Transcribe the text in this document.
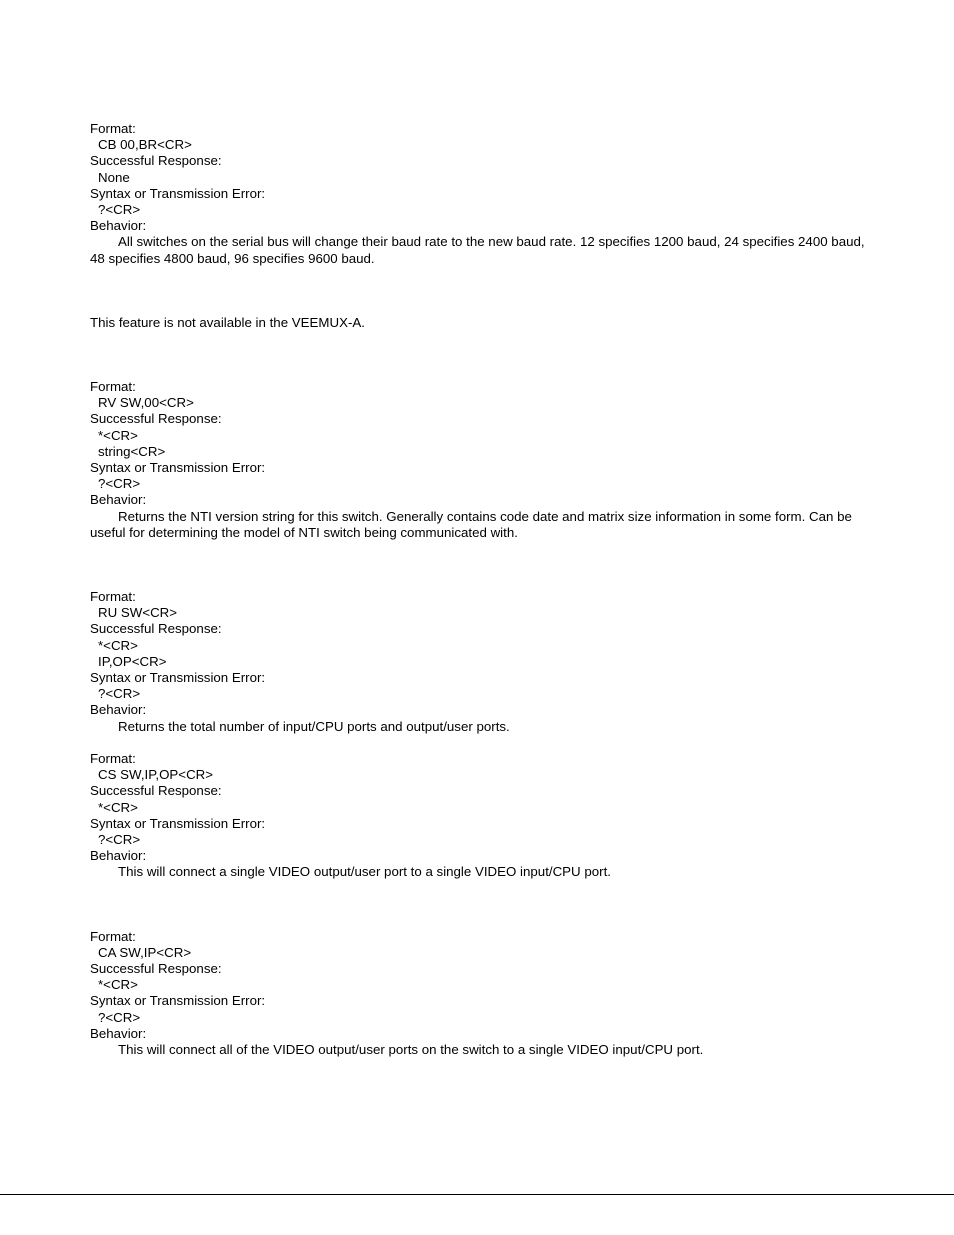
Format:
CB 00,BR<CR>
Successful Response:
None
Syntax or Transmission Error:
?<CR>
Behavior:
All switches on the serial bus will change their baud rate to the new baud rate. 12 specifies 1200 baud, 24 specifies 2400 baud, 48 specifies 4800 baud, 96 specifies 9600 baud.
This feature is not available in the VEEMUX-A.
Format:
RV SW,00<CR>
Successful Response:
*<CR>
string<CR>
Syntax or Transmission Error:
?<CR>
Behavior:
Returns the NTI version string for this switch. Generally contains code date and matrix size information in some form. Can be useful for determining the model of NTI switch being communicated with.
Format:
RU SW<CR>
Successful Response:
*<CR>
IP,OP<CR>
Syntax or Transmission Error:
?<CR>
Behavior:
Returns the total number of input/CPU ports and output/user ports.
Format:
CS SW,IP,OP<CR>
Successful Response:
*<CR>
Syntax or Transmission Error:
?<CR>
Behavior:
This will connect a single VIDEO output/user port to a single VIDEO input/CPU port.
Format:
CA SW,IP<CR>
Successful Response:
*<CR>
Syntax or Transmission Error:
?<CR>
Behavior:
This will connect all of the VIDEO output/user ports on the switch to a single VIDEO input/CPU port.
